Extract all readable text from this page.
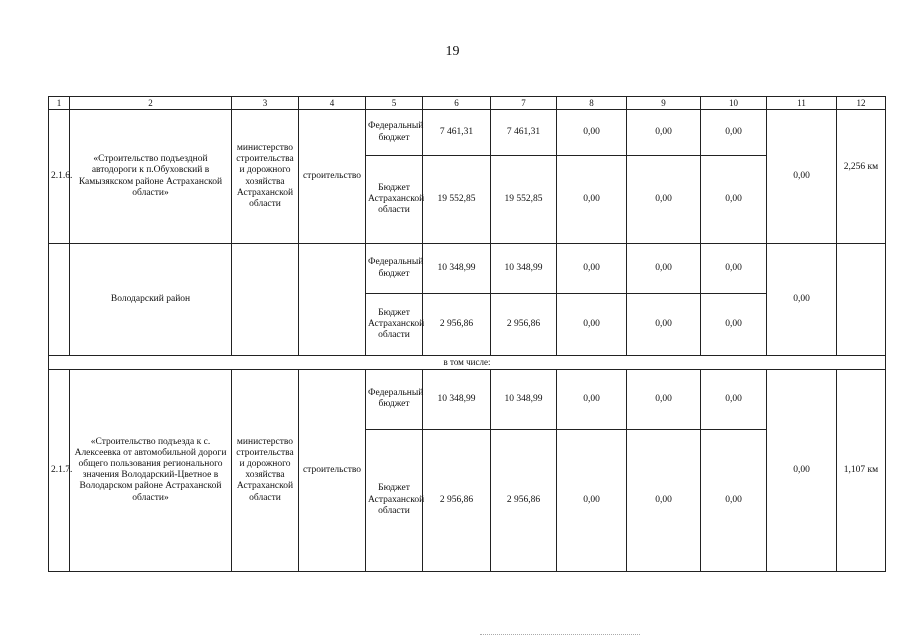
19
1	2	3	4	5	6	7	8	9	10	11	12
2.1.6.	«Строительство подъездной автодороги к п.Обуховский в Камызякском районе Астраханской области»	министерство строительства и дорожного хозяйства Астраханской области	строительство	Федеральный бюджет	7 461,31	7 461,31	0,00	0,00	0,00	0,00	2,256 км
				Бюджет Астраханской области	19 552,85	19 552,85	0,00	0,00	0,00		
	Володарский район			Федеральный бюджет	10 348,99	10 348,99	0,00	0,00	0,00	0,00	
				Бюджет Астраханской области	2 956,86	2 956,86	0,00	0,00	0,00		
в том числе:											
2.1.7.	«Строительство подъезда к с. Алексеевка от автомобильной дороги общего пользования регионального значения Володарский-Цветное в Володарском районе Астраханской области»	министерство строительства и дорожного хозяйства Астраханской области	строительство	Федеральный бюджет	10 348,99	10 348,99	0,00	0,00	0,00	0,00	1,107 км
				Бюджет Астраханской области	2 956,86	2 956,86	0,00	0,00	0,00		
